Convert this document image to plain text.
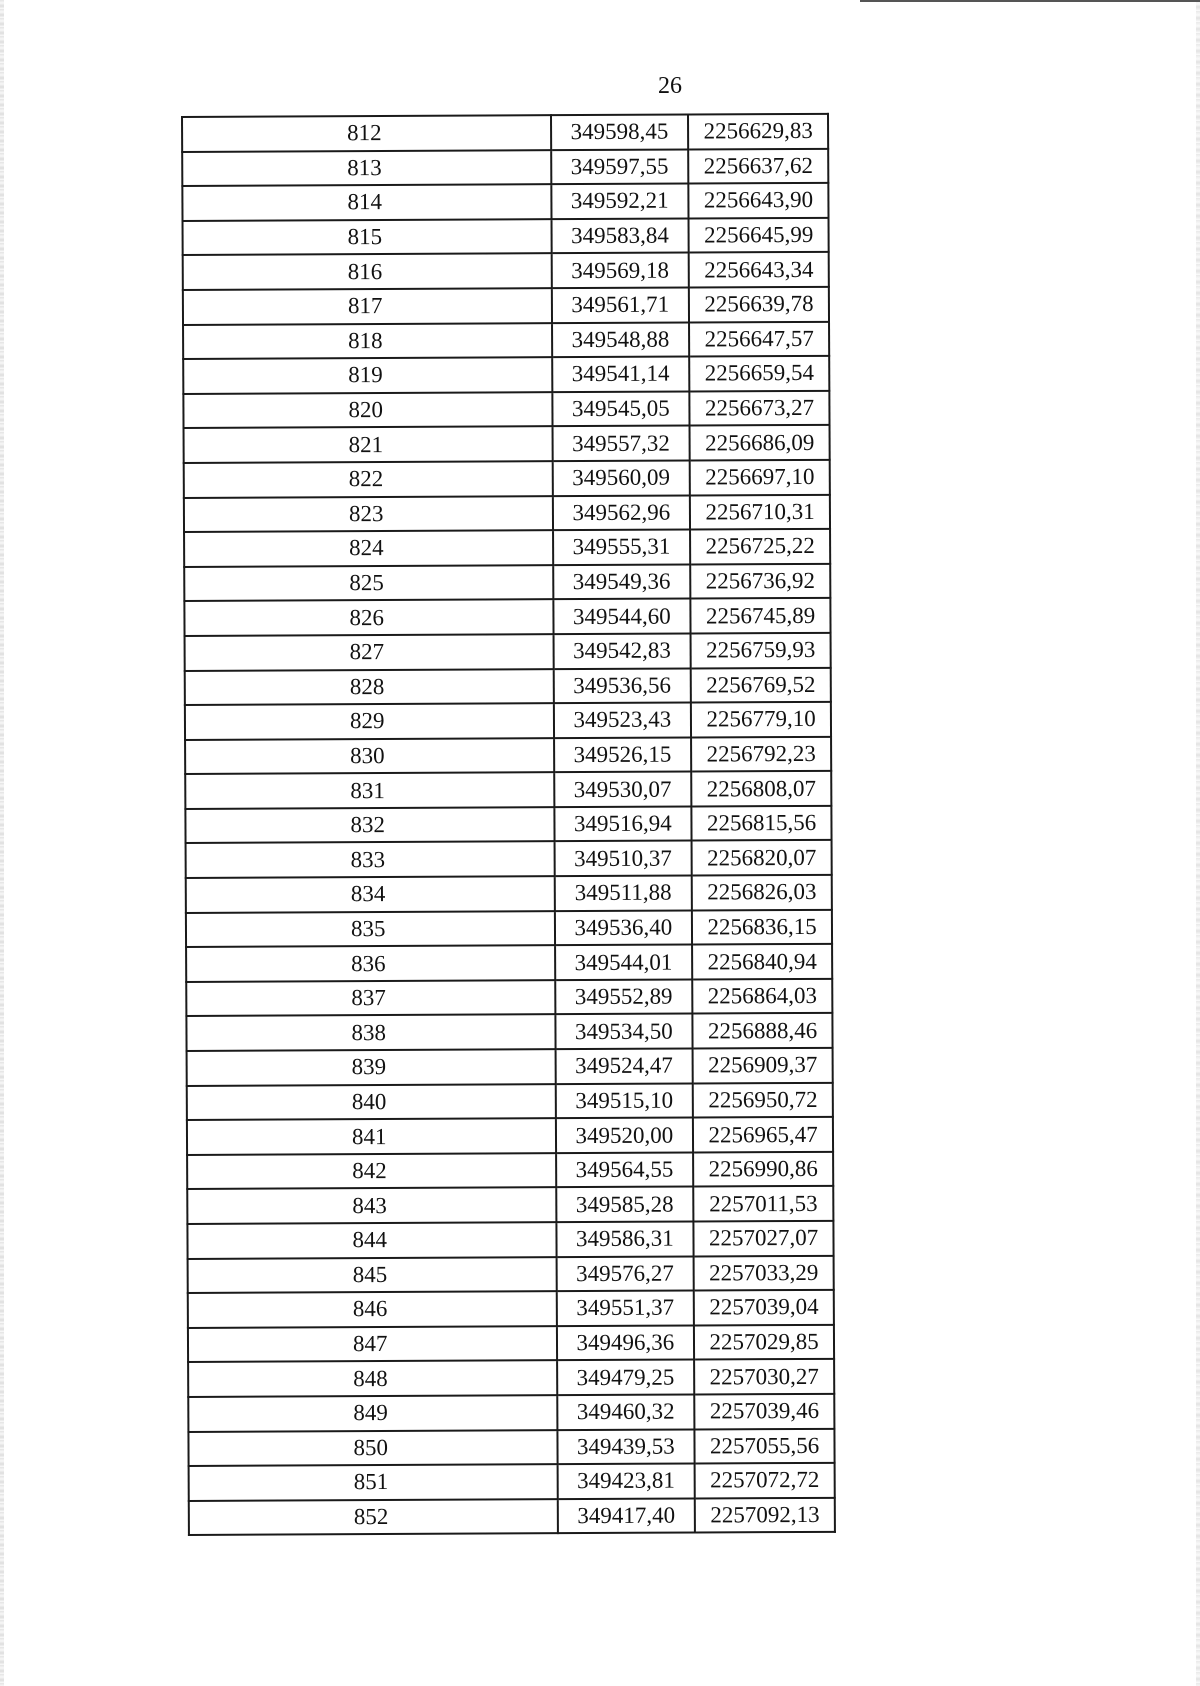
26
812	349598,45	2256629,83
813	349597,55	2256637,62
814	349592,21	2256643,90
815	349583,84	2256645,99
816	349569,18	2256643,34
817	349561,71	2256639,78
818	349548,88	2256647,57
819	349541,14	2256659,54
820	349545,05	2256673,27
821	349557,32	2256686,09
822	349560,09	2256697,10
823	349562,96	2256710,31
824	349555,31	2256725,22
825	349549,36	2256736,92
826	349544,60	2256745,89
827	349542,83	2256759,93
828	349536,56	2256769,52
829	349523,43	2256779,10
830	349526,15	2256792,23
831	349530,07	2256808,07
832	349516,94	2256815,56
833	349510,37	2256820,07
834	349511,88	2256826,03
835	349536,40	2256836,15
836	349544,01	2256840,94
837	349552,89	2256864,03
838	349534,50	2256888,46
839	349524,47	2256909,37
840	349515,10	2256950,72
841	349520,00	2256965,47
842	349564,55	2256990,86
843	349585,28	2257011,53
844	349586,31	2257027,07
845	349576,27	2257033,29
846	349551,37	2257039,04
847	349496,36	2257029,85
848	349479,25	2257030,27
849	349460,32	2257039,46
850	349439,53	2257055,56
851	349423,81	2257072,72
852	349417,40	2257092,13
